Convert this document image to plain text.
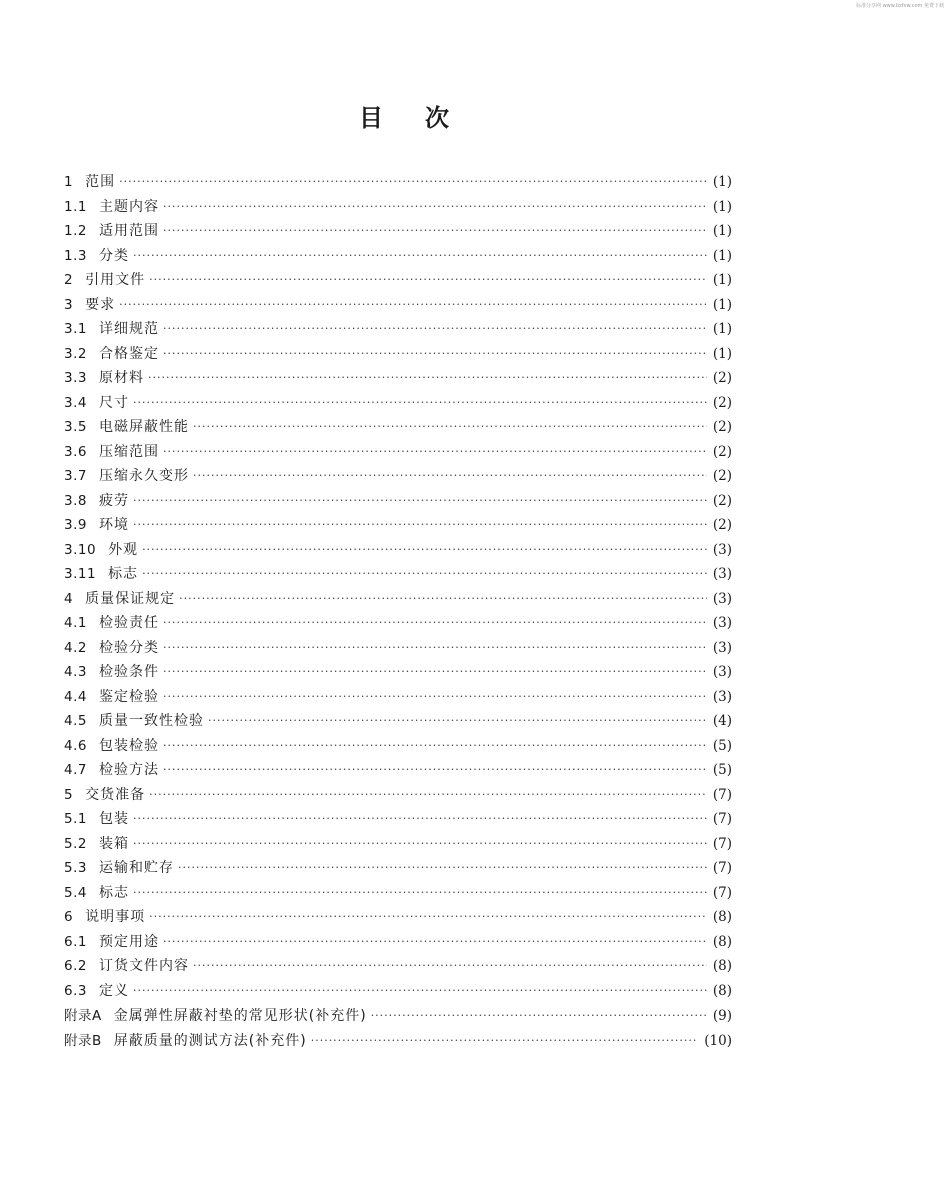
标准分享网 www.bzfxw.com 免费下载
目次
1 范围 ·····	(1)
1.1 主题内容 ·····	(1)
1.2 适用范围 ·····	(1)
1.3 分类 ·····	(1)
2 引用文件 ·····	(1)
3 要求 ·····	(1)
3.1 详细规范 ·····	(1)
3.2 合格鉴定 ·····	(1)
3.3 原材料 ·····	(2)
3.4 尺寸 ·····	(2)
3.5 电磁屏蔽性能 ·····	(2)
3.6 压缩范围 ·····	(2)
3.7 压缩永久变形 ·····	(2)
3.8 疲劳 ·····	(2)
3.9 环境 ·····	(2)
3.10 外观 ·····	(3)
3.11 标志 ·····	(3)
4 质量保证规定 ·····	(3)
4.1 检验责任 ·····	(3)
4.2 检验分类 ·····	(3)
4.3 检验条件 ·····	(3)
4.4 鉴定检验 ·····	(3)
4.5 质量一致性检验 ·····	(4)
4.6 包装检验 ·····	(5)
4.7 检验方法 ·····	(5)
5 交货准备 ·····	(7)
5.1 包装 ·····	(7)
5.2 装箱 ·····	(7)
5.3 运输和贮存 ·····	(7)
5.4 标志 ·····	(7)
6 说明事项 ·····	(8)
6.1 预定用途 ·····	(8)
6.2 订货文件内容 ·····	(8)
6.3 定义 ·····	(8)
附录A 金属弹性屏蔽衬垫的常见形状(补充件) ·····	(9)
附录B 屏蔽质量的测试方法(补充件) ·····	(10)
